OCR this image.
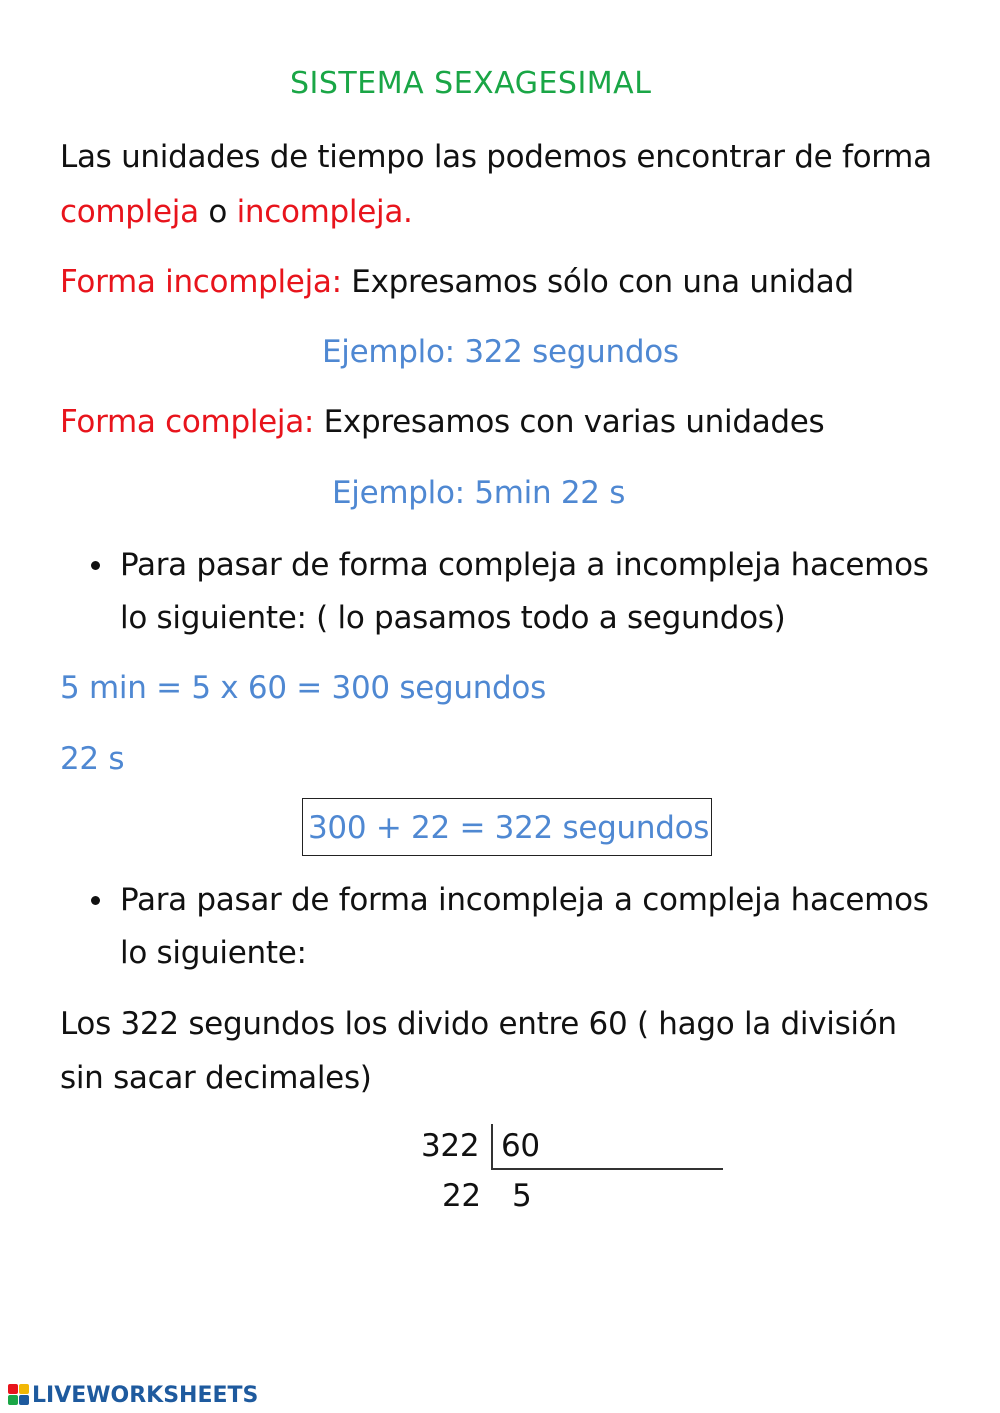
SISTEMA SEXAGESIMAL
Las unidades de tiempo las podemos encontrar de forma
compleja o incompleja.
Forma incompleja: Expresamos sólo con una unidad
Ejemplo: 322 segundos
Forma compleja: Expresamos con varias unidades
Ejemplo: 5min 22 s
Para pasar de forma compleja a incompleja hacemos
lo siguiente: ( lo pasamos todo a segundos)
5 min = 5 x 60 = 300 segundos
22 s
300 + 22 = 322 segundos
Para pasar de forma incompleja a compleja hacemos
lo siguiente:
Los 322 segundos los divido entre 60 ( hago la división
sin sacar decimales)
322 60
22 5
LIVEWORKSHEETS
